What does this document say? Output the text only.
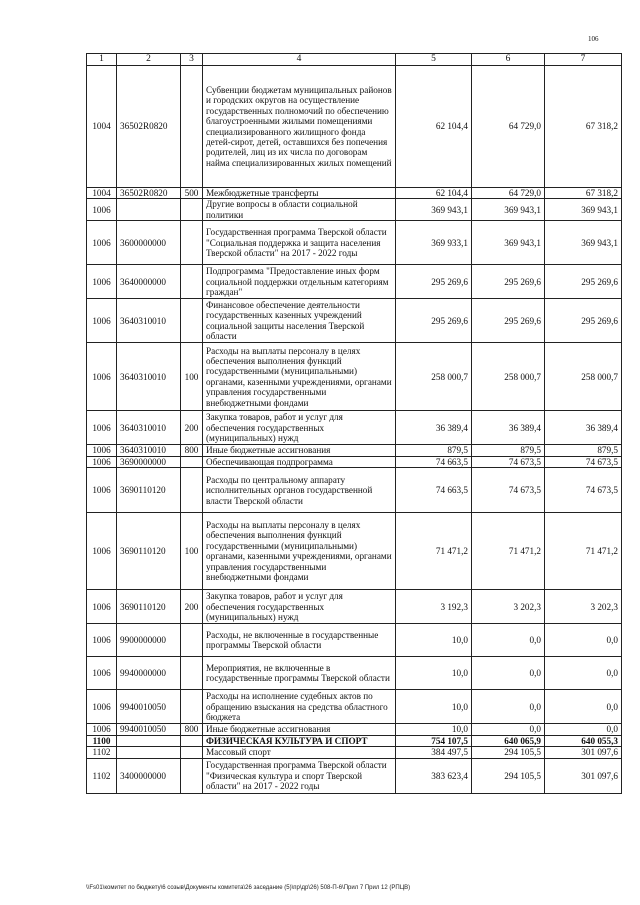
106
1	2	3	4	5	6	7
1004	36502R0820		Субвенции бюджетам муниципальных районов и городских округов на осуществление государственных полномочий по обеспечению благоустроенными жилыми помещениями специализированного жилищного фонда детей-сирот, детей, оставшихся без попечения родителей, лиц из их числа по договорам найма специализированных жилых помещений	62 104,4	64 729,0	67 318,2
1004	36502R0820	500	Межбюджетные трансферты	62 104,4	64 729,0	67 318,2
1006			Другие вопросы в области социальной политики	369 943,1	369 943,1	369 943,1
1006	3600000000		Государственная программа Тверской области "Социальная поддержка и защита населения Тверской области" на 2017 - 2022 годы	369 933,1	369 943,1	369 943,1
1006	3640000000		Подпрограмма "Предоставление иных форм социальной поддержки отдельным категориям граждан"	295 269,6	295 269,6	295 269,6
1006	3640310010		Финансовое обеспечение деятельности государственных казенных учреждений социальной защиты населения Тверской области	295 269,6	295 269,6	295 269,6
1006	3640310010	100	Расходы на выплаты персоналу в целях обеспечения выполнения функций государственными (муниципальными) органами, казенными учреждениями, органами управления государственными внебюджетными фондами	258 000,7	258 000,7	258 000,7
1006	3640310010	200	Закупка товаров, работ и услуг для обеспечения государственных (муниципальных) нужд	36 389,4	36 389,4	36 389,4
1006	3640310010	800	Иные бюджетные ассигнования	879,5	879,5	879,5
1006	3690000000		Обеспечивающая подпрограмма	74 663,5	74 673,5	74 673,5
1006	3690110120		Расходы по центральному аппарату исполнительных органов государственной власти Тверской области	74 663,5	74 673,5	74 673,5
1006	3690110120	100	Расходы на выплаты персоналу в целях обеспечения выполнения функций государственными (муниципальными) органами, казенными учреждениями, органами управления государственными внебюджетными фондами	71 471,2	71 471,2	71 471,2
1006	3690110120	200	Закупка товаров, работ и услуг для обеспечения государственных (муниципальных) нужд	3 192,3	3 202,3	3 202,3
1006	9900000000		Расходы, не включенные в государственные программы Тверской области	10,0	0,0	0,0
1006	9940000000		Мероприятия, не включенные в государственные программы Тверской области	10,0	0,0	0,0
1006	9940010050		Расходы на исполнение судебных актов по обращению взыскания на средства областного бюджета	10,0	0,0	0,0
1006	9940010050	800	Иные бюджетные ассигнования	10,0	0,0	0,0
1100			ФИЗИЧЕСКАЯ КУЛЬТУРА И СПОРТ	754 107,5	640 065,9	640 055,3
1102			Массовый спорт	384 497,5	294 105,5	301 097,6
1102	3400000000		Государственная программа Тверской области "Физическая культура и спорт Тверской области" на 2017 - 2022 годы	383 623,4	294 105,5	301 097,6
\\Fs01\комитет по бюджету\6 созыв\Документы комитета\26 заседание (5)\пр\др\26) 508-П-6\Прил 7 Прил 12 (РПЦВ)
